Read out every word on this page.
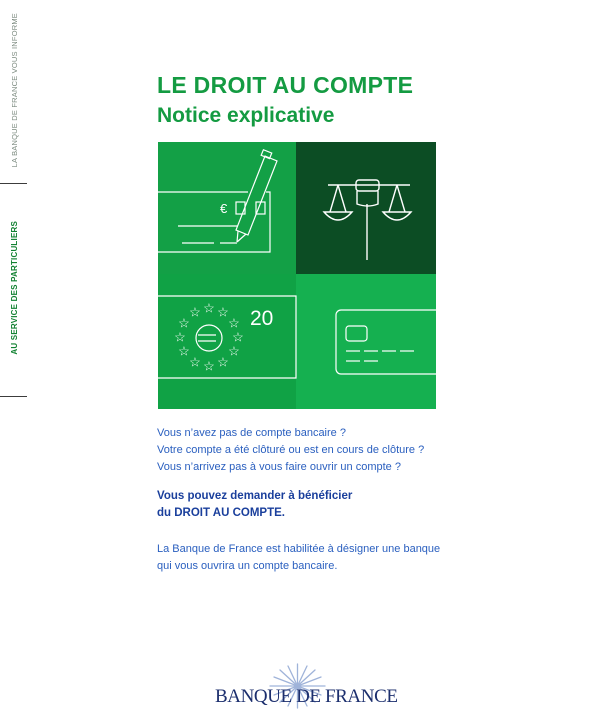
LA BANQUE DE FRANCE VOUS INFORME
AU SERVICE DES PARTICULIERS
LE DROIT AU COMPTE
Notice explicative
€
☆ ☆
☆
☆
☆
☆
☆
☆
☆
☆
☆
☆ 20
20

Vous n’avez pas de compte bancaire ?
Votre compte a été clôturé ou est en cours de clôture ?
Vous n’arrivez pas à vous faire ouvrir un compte ?

Vous pouvez demander à bénéficier
du DROIT AU COMPTE.

La Banque de France est habilitée à désigner une banque
qui vous ouvrira un compte bancaire.

BANQUE DE FRANCE
